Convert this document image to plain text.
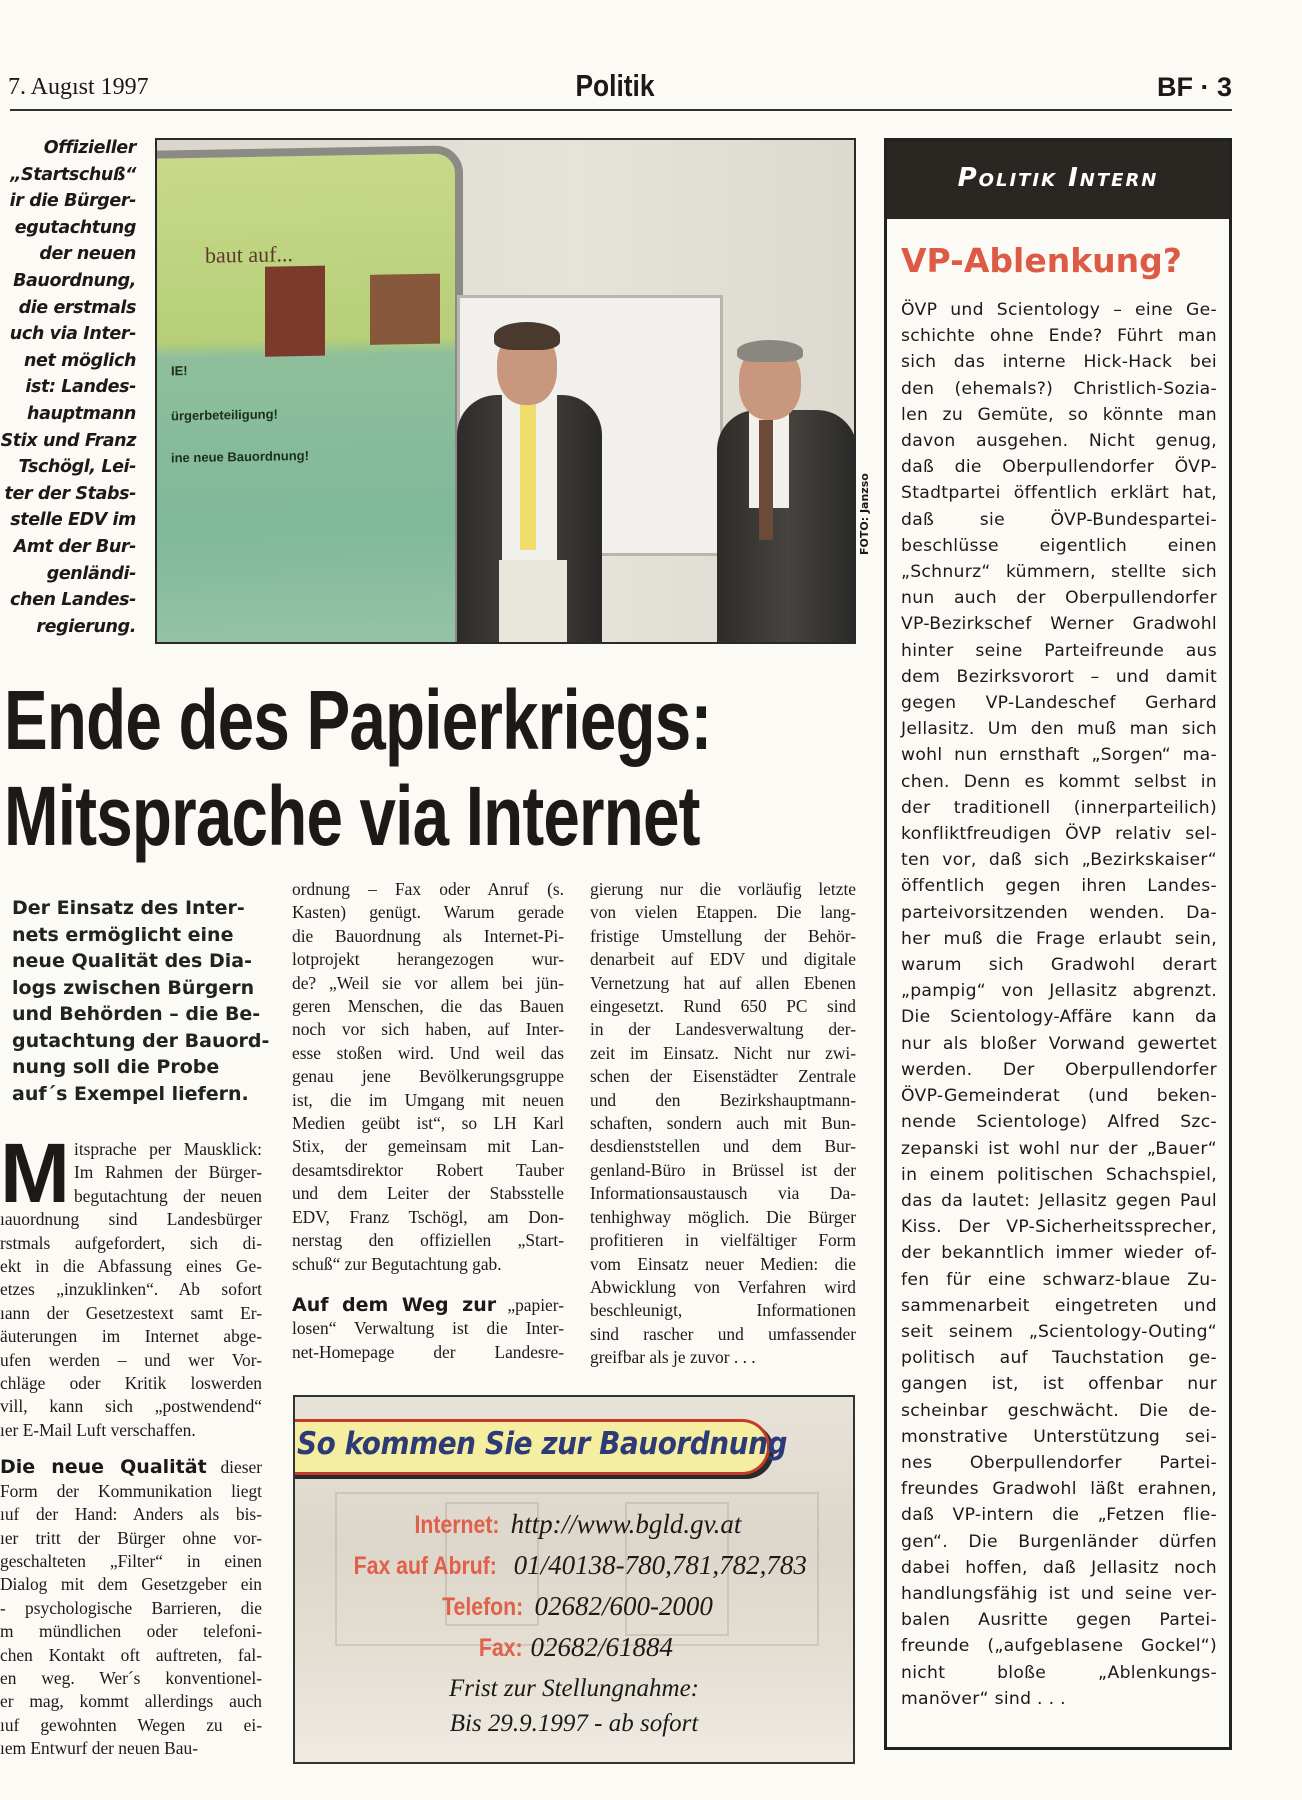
7. Augıst 1997	Politik	BF · 3
Offizieller
„Startschuß“
ir die Bürger-
egutachtung
der neuen
Bauordnung,
die erstmals
uch via Inter-
net möglich
ist: Landes-
hauptmann
Stix und Franz
Tschögl, Lei-
ter der Stabs-
stelle EDV im
Amt der Bur-
genländi-
chen Landes-
regierung.
baut auf...
IE!
ürgerbeteiligung!
ine neue Bauordnung!
FOTO: Janzso
Ende des Papierkriegs:
Mitsprache via Internet
Der Einsatz des Inter-
nets ermöglicht eine
neue Qualität des Dia-
logs zwischen Bürgern
und Behörden – die Be-
gutachtung der Bauord-
nung soll die Probe
auf´s Exempel liefern.
M itsprache per Mausklick:
Im Rahmen der Bürger-
begutachtung der neuen
ıauordnung sind Landesbürger
rstmals aufgefordert, sich di-
ekt in die Abfassung eines Ge-
etzes „inzuklinken“. Ab sofort
ıann der Gesetzestext samt Er-
äuterungen im Internet abge-
ufen werden – und wer Vor-
chläge oder Kritik loswerden
vill, kann sich „postwendend“
ıer E-Mail Luft verschaffen.
Die neue Qualität dieser
Form der Kommunikation liegt
ıuf der Hand: Anders als bis-
ıer tritt der Bürger ohne vor-
geschalteten „Filter“ in einen
Dialog mit dem Gesetzgeber ein
- psychologische Barrieren, die
m mündlichen oder telefoni-
chen Kontakt oft auftreten, fal-
en weg. Wer´s konventionel-
er mag, kommt allerdings auch
ıuf gewohnten Wegen zu ei-
ıem Entwurf der neuen Bau-
ordnung – Fax oder Anruf (s.
Kasten) genügt. Warum gerade
die Bauordnung als Internet-Pi-
lotprojekt herangezogen wur-
de? „Weil sie vor allem bei jün-
geren Menschen, die das Bauen
noch vor sich haben, auf Inter-
esse stoßen wird. Und weil das
genau jene Bevölkerungsgruppe
ist, die im Umgang mit neuen
Medien geübt ist“, so LH Karl
Stix, der gemeinsam mit Lan-
desamtsdirektor Robert Tauber
und dem Leiter der Stabsstelle
EDV, Franz Tschögl, am Don-
nerstag den offiziellen „Start-
schuß“ zur Begutachtung gab.
Auf dem Weg zur „papier-
losen“ Verwaltung ist die Inter-
net-Homepage der Landesre-
gierung nur die vorläufig letzte
von vielen Etappen. Die lang-
fristige Umstellung der Behör-
denarbeit auf EDV und digitale
Vernetzung hat auf allen Ebenen
eingesetzt. Rund 650 PC sind
in der Landesverwaltung der-
zeit im Einsatz. Nicht nur zwi-
schen der Eisenstädter Zentrale
und den Bezirkshauptmann-
schaften, sondern auch mit Bun-
desdienststellen und dem Bur-
genland-Büro in Brüssel ist der
Informationsaustausch via Da-
tenhighway möglich. Die Bürger
profitieren in vielfältiger Form
vom Einsatz neuer Medien: die
Abwicklung von Verfahren wird
beschleunigt, Informationen
sind rascher und umfassender
greifbar als je zuvor . . .
So kommen Sie zur Bauordnung
Internet: http://www.bgld.gv.at
Fax auf Abruf: 01/40138-780,781,782,783
Telefon: 02682/600-2000
Fax: 02682/61884
Frist zur Stellungnahme:
Bis 29.9.1997 - ab sofort
Politik Intern
VP-Ablenkung?
ÖVP und Scientology – eine Ge-
schichte ohne Ende? Führt man
sich das interne Hick-Hack bei
den (ehemals?) Christlich-Sozia-
len zu Gemüte, so könnte man
davon ausgehen. Nicht genug,
daß die Oberpullendorfer ÖVP-
Stadtpartei öffentlich erklärt hat,
daß sie ÖVP-Bundespartei-
beschlüsse eigentlich einen
„Schnurz“ kümmern, stellte sich
nun auch der Oberpullendorfer
VP-Bezirkschef Werner Gradwohl
hinter seine Parteifreunde aus
dem Bezirksvorort – und damit
gegen VP-Landeschef Gerhard
Jellasitz. Um den muß man sich
wohl nun ernsthaft „Sorgen“ ma-
chen. Denn es kommt selbst in
der traditionell (innerparteilich)
konfliktfreudigen ÖVP relativ sel-
ten vor, daß sich „Bezirkskaiser“
öffentlich gegen ihren Landes-
parteivorsitzenden wenden. Da-
her muß die Frage erlaubt sein,
warum sich Gradwohl derart
„pampig“ von Jellasitz abgrenzt.
Die Scientology-Affäre kann da
nur als bloßer Vorwand gewertet
werden. Der Oberpullendorfer
ÖVP-Gemeinderat (und beken-
nende Scientologe) Alfred Szc-
zepanski ist wohl nur der „Bauer“
in einem politischen Schachspiel,
das da lautet: Jellasitz gegen Paul
Kiss. Der VP-Sicherheitssprecher,
der bekanntlich immer wieder of-
fen für eine schwarz-blaue Zu-
sammenarbeit eingetreten und
seit seinem „Scientology-Outing“
politisch auf Tauchstation ge-
gangen ist, ist offenbar nur
scheinbar geschwächt. Die de-
monstrative Unterstützung sei-
nes Oberpullendorfer Partei-
freundes Gradwohl läßt erahnen,
daß VP-intern die „Fetzen flie-
gen“. Die Burgenländer dürfen
dabei hoffen, daß Jellasitz noch
handlungsfähig ist und seine ver-
balen Ausritte gegen Partei-
freunde („aufgeblasene Gockel“)
nicht bloße „Ablenkungs-
manöver“ sind . . .
